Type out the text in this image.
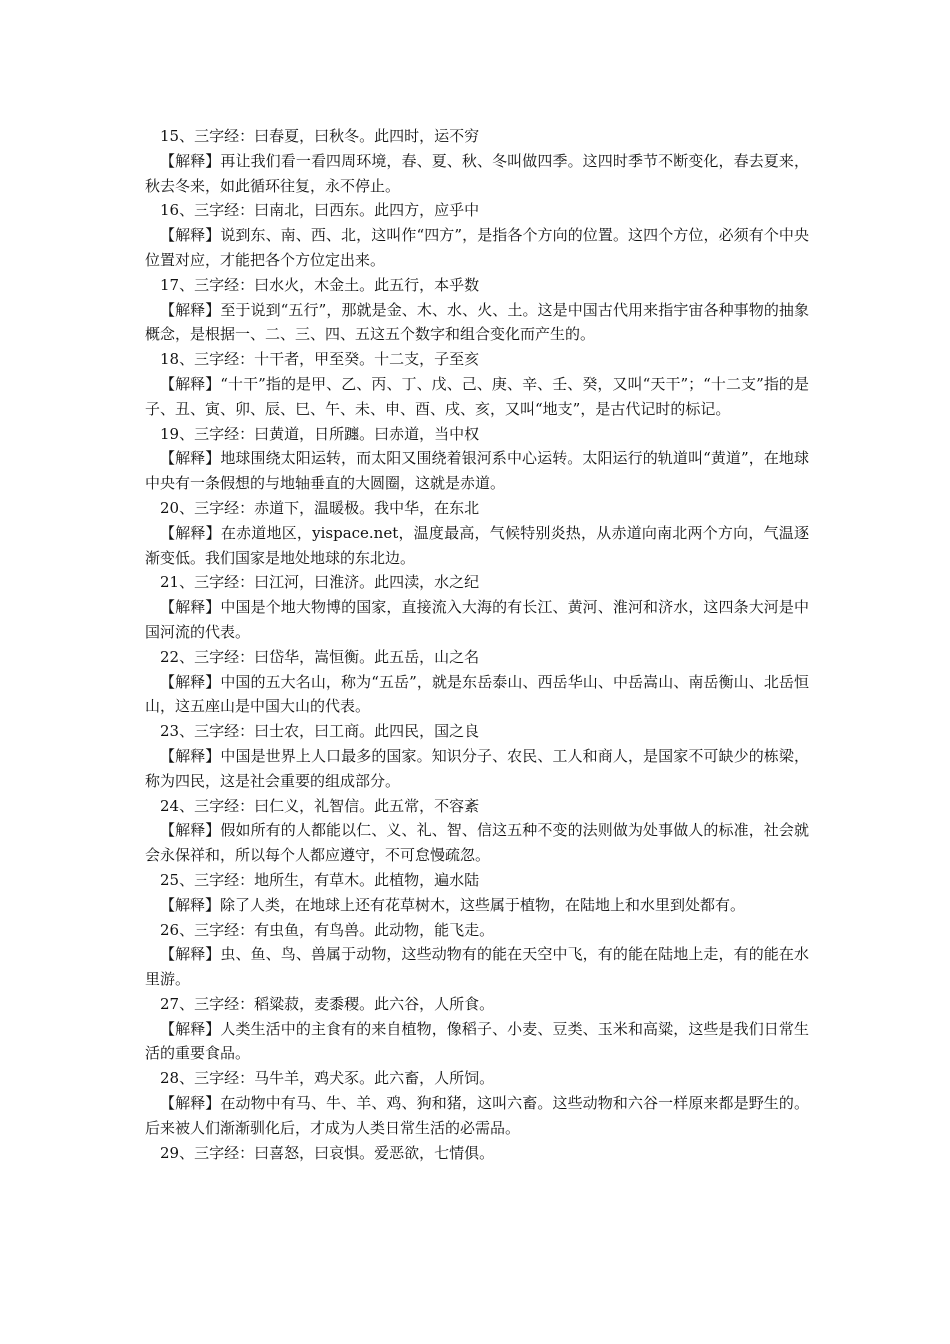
15、三字经：曰春夏，曰秋冬。此四时，运不穷

【解释】再让我们看一看四周环境，春、夏、秋、冬叫做四季。这四时季节不断变化，春去夏来，秋去冬来，如此循环往复，永不停止。

16、三字经：曰南北，曰西东。此四方，应乎中

【解释】说到东、南、西、北，这叫作“四方”，是指各个方向的位置。这四个方位，必须有个中央位置对应，才能把各个方位定出来。

17、三字经：曰水火，木金土。此五行，本乎数

【解释】至于说到“五行”，那就是金、木、水、火、土。这是中国古代用来指宇宙各种事物的抽象概念，是根据一、二、三、四、五这五个数字和组合变化而产生的。

18、三字经：十干者，甲至癸。十二支，子至亥

【解释】“十干”指的是甲、乙、丙、丁、戊、己、庚、辛、壬、癸，又叫“天干”；“十二支”指的是子、丑、寅、卯、辰、巳、午、未、申、酉、戌、亥，又叫“地支”，是古代记时的标记。

19、三字经：曰黄道，日所躔。曰赤道，当中权

【解释】地球围绕太阳运转，而太阳又围绕着银河系中心运转。太阳运行的轨道叫“黄道”，在地球中央有一条假想的与地轴垂直的大圆圈，这就是赤道。

20、三字经：赤道下，温暖极。我中华，在东北

【解释】在赤道地区，yispace.net，温度最高，气候特别炎热，从赤道向南北两个方向，气温逐渐变低。我们国家是地处地球的东北边。

21、三字经：曰江河，曰淮济。此四渎，水之纪

【解释】中国是个地大物博的国家，直接流入大海的有长江、黄河、淮河和济水，这四条大河是中国河流的代表。

22、三字经：曰岱华，嵩恒衡。此五岳，山之名

【解释】中国的五大名山，称为“五岳”，就是东岳泰山、西岳华山、中岳嵩山、南岳衡山、北岳恒山，这五座山是中国大山的代表。

23、三字经：曰士农，曰工商。此四民，国之良

【解释】中国是世界上人口最多的国家。知识分子、农民、工人和商人，是国家不可缺少的栋梁，称为四民，这是社会重要的组成部分。

24、三字经：曰仁义，礼智信。此五常，不容紊

【解释】假如所有的人都能以仁、义、礼、智、信这五种不变的法则做为处事做人的标准，社会就会永保祥和，所以每个人都应遵守，不可怠慢疏忽。

25、三字经：地所生，有草木。此植物，遍水陆

【解释】除了人类，在地球上还有花草树木，这些属于植物，在陆地上和水里到处都有。

26、三字经：有虫鱼，有鸟兽。此动物，能飞走。

【解释】虫、鱼、鸟、兽属于动物，这些动物有的能在天空中飞，有的能在陆地上走，有的能在水里游。

27、三字经：稻粱菽，麦黍稷。此六谷，人所食。

【解释】人类生活中的主食有的来自植物，像稻子、小麦、豆类、玉米和高粱，这些是我们日常生活的重要食品。

28、三字经：马牛羊，鸡犬豕。此六畜，人所饲。

【解释】在动物中有马、牛、羊、鸡、狗和猪，这叫六畜。这些动物和六谷一样原来都是野生的。后来被人们渐渐驯化后，才成为人类日常生活的必需品。

29、三字经：曰喜怒，曰哀惧。爱恶欲，七情俱。
